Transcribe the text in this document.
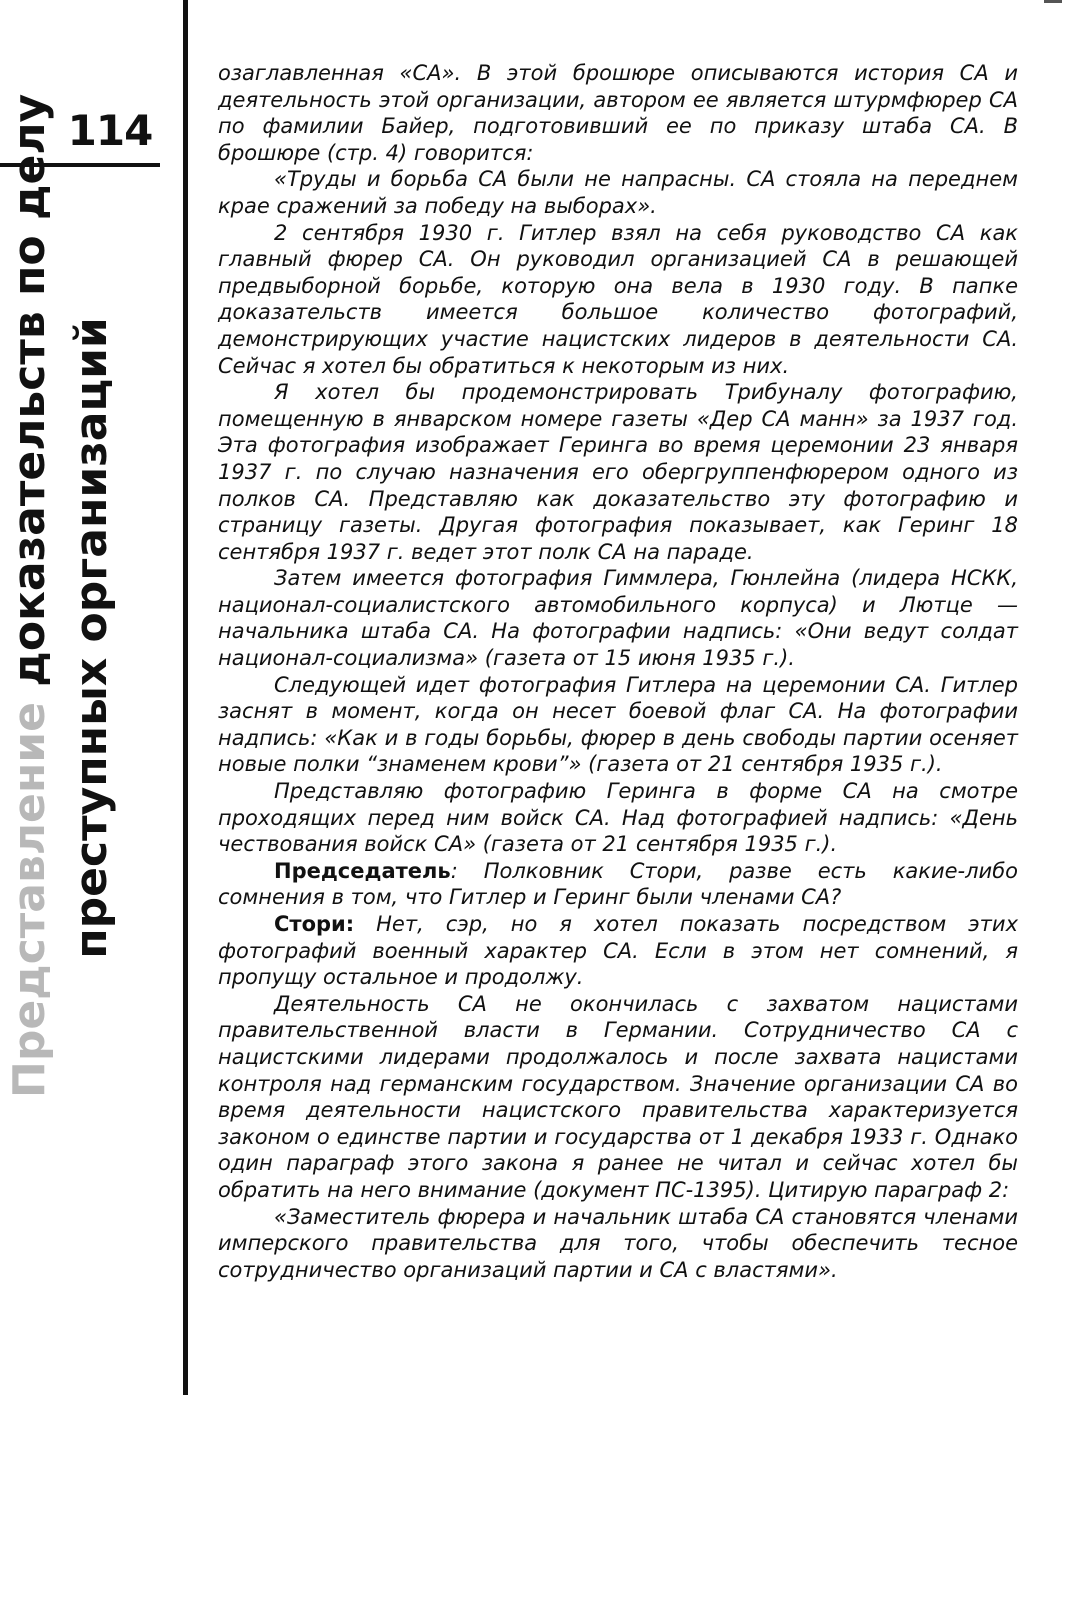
114
Представление доказательств по делу преступных организаций

озаглавленная «СА». В этой брошюре описываются история СА и деятельность этой организации, автором ее является штурмфюрер СА по фамилии Байер, подготовивший ее по приказу штаба СА. В брошюре (стр. 4) говорится:

«Труды и борьба СА были не напрасны. СА стояла на переднем крае сражений за победу на выборах».

2 сентября 1930 г. Гитлер взял на себя руководство СА как главный фюрер СА. Он руководил организацией СА в решающей предвыборной борьбе, которую она вела в 1930 году. В папке доказательств имеется большое количество фотографий, демонстрирующих участие нацистских лидеров в деятельности СА. Сейчас я хотел бы обратиться к некоторым из них.

Я хотел бы продемонстрировать Трибуналу фотографию, помещенную в январском номере газеты «Дер СА манн» за 1937 год. Эта фотография изображает Геринга во время церемонии 23 января 1937 г. по случаю назначения его обергруппенфюрером одного из полков СА. Представляю как доказательство эту фотографию и страницу газеты. Другая фотография показывает, как Геринг 18 сентября 1937 г. ведет этот полк СА на параде.

Затем имеется фотография Гиммлера, Гюнлейна (лидера НСКК, национал-социалистского автомобильного корпуса) и Лютце — начальника штаба СА. На фотографии надпись: «Они ведут солдат национал-социализма» (газета от 15 июня 1935 г.).

Следующей идет фотография Гитлера на церемонии СА. Гитлер заснят в момент, когда он несет боевой флаг СА. На фотографии надпись: «Как и в годы борьбы, фюрер в день свободы партии осеняет новые полки “знаменем крови”» (газета от 21 сентября 1935 г.).

Представляю фотографию Геринга в форме СА на смотре проходящих перед ним войск СА. Над фотографией надпись: «День чествования войск СА» (газета от 21 сентября 1935 г.).

Председатель: Полковник Стори, разве есть какие-либо сомнения в том, что Гитлер и Геринг были членами СА?

Стори: Нет, сэр, но я хотел показать посредством этих фотографий военный характер СА. Если в этом нет сомнений, я пропущу остальное и продолжу.

Деятельность СА не окончилась с захватом нацистами правительственной власти в Германии. Сотрудничество СА с нацистскими лидерами продолжалось и после захвата нацистами контроля над германским государством. Значение организации СА во время деятельности нацистского правительства характеризуется законом о единстве партии и государства от 1 декабря 1933 г. Однако один параграф этого закона я ранее не читал и сейчас хотел бы обратить на него внимание (документ ПС-1395). Цитирую параграф 2:

«Заместитель фюрера и начальник штаба СА становятся членами имперского правительства для того, чтобы обеспечить тесное сотрудничество организаций партии и СА с властями».
